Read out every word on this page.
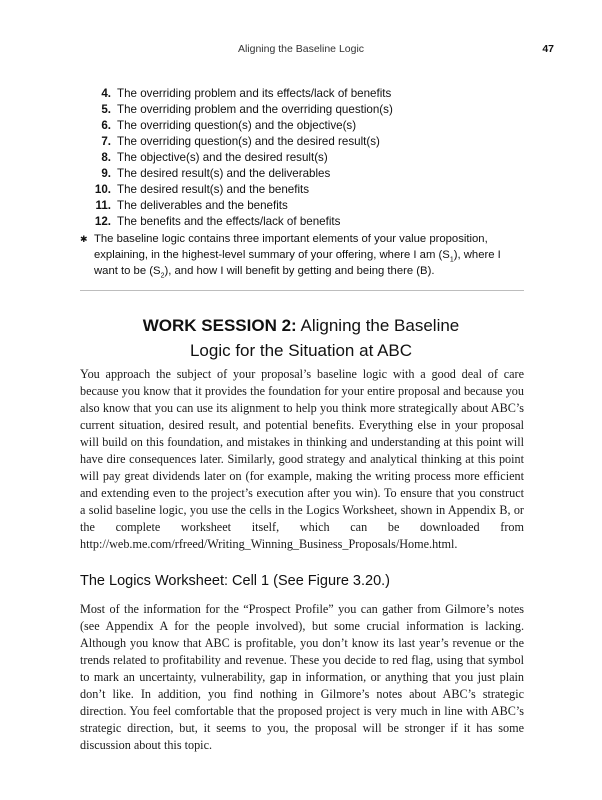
Aligning the Baseline Logic	47
4. The overriding problem and its effects/lack of benefits
5. The overriding problem and the overriding question(s)
6. The overriding question(s) and the objective(s)
7. The overriding question(s) and the desired result(s)
8. The objective(s) and the desired result(s)
9. The desired result(s) and the deliverables
10. The desired result(s) and the benefits
11. The deliverables and the benefits
12. The benefits and the effects/lack of benefits
✱ The baseline logic contains three important elements of your value proposition, explaining, in the highest-level summary of your offering, where I am $(S_1)$, where I want to be $(S_2)$, and how I will benefit by getting and being there (B).
WORK SESSION 2: Aligning the Baseline
Logic for the Situation at ABC

You approach the subject of your proposal’s baseline logic with a good deal of care because you know that it provides the foundation for your entire proposal and because you also know that you can use its alignment to help you think more strategically about ABC’s current situation, desired result, and potential benefits. Everything else in your proposal will build on this foundation, and mistakes in thinking and understanding at this point will have dire consequences later. Similarly, good strategy and analytical thinking at this point will pay great dividends later on (for example, making the writing process more efficient and extending even to the project’s execution after you win). To ensure that you construct a solid baseline logic, you use the cells in the Logics Worksheet, shown in Appendix B, or the complete worksheet itself, which can be downloaded from http://web.me.com/rfreed/Writing_Winning_Business_Proposals/Home.html.

The Logics Worksheet: Cell 1 (See Figure 3.20.)

Most of the information for the “Prospect Profile” you can gather from Gilmore’s notes (see Appendix A for the people involved), but some crucial information is lacking. Although you know that ABC is profitable, you don’t know its last year’s revenue or the trends related to profitability and revenue. These you decide to red flag, using that symbol to mark an uncertainty, vulnerability, gap in information, or anything that you just plain don’t like. In addition, you find nothing in Gilmore’s notes about ABC’s strategic direction. You feel comfortable that the proposed project is very much in line with ABC’s strategic direction, but, it seems to you, the proposal will be stronger if it has some discussion about this topic.
